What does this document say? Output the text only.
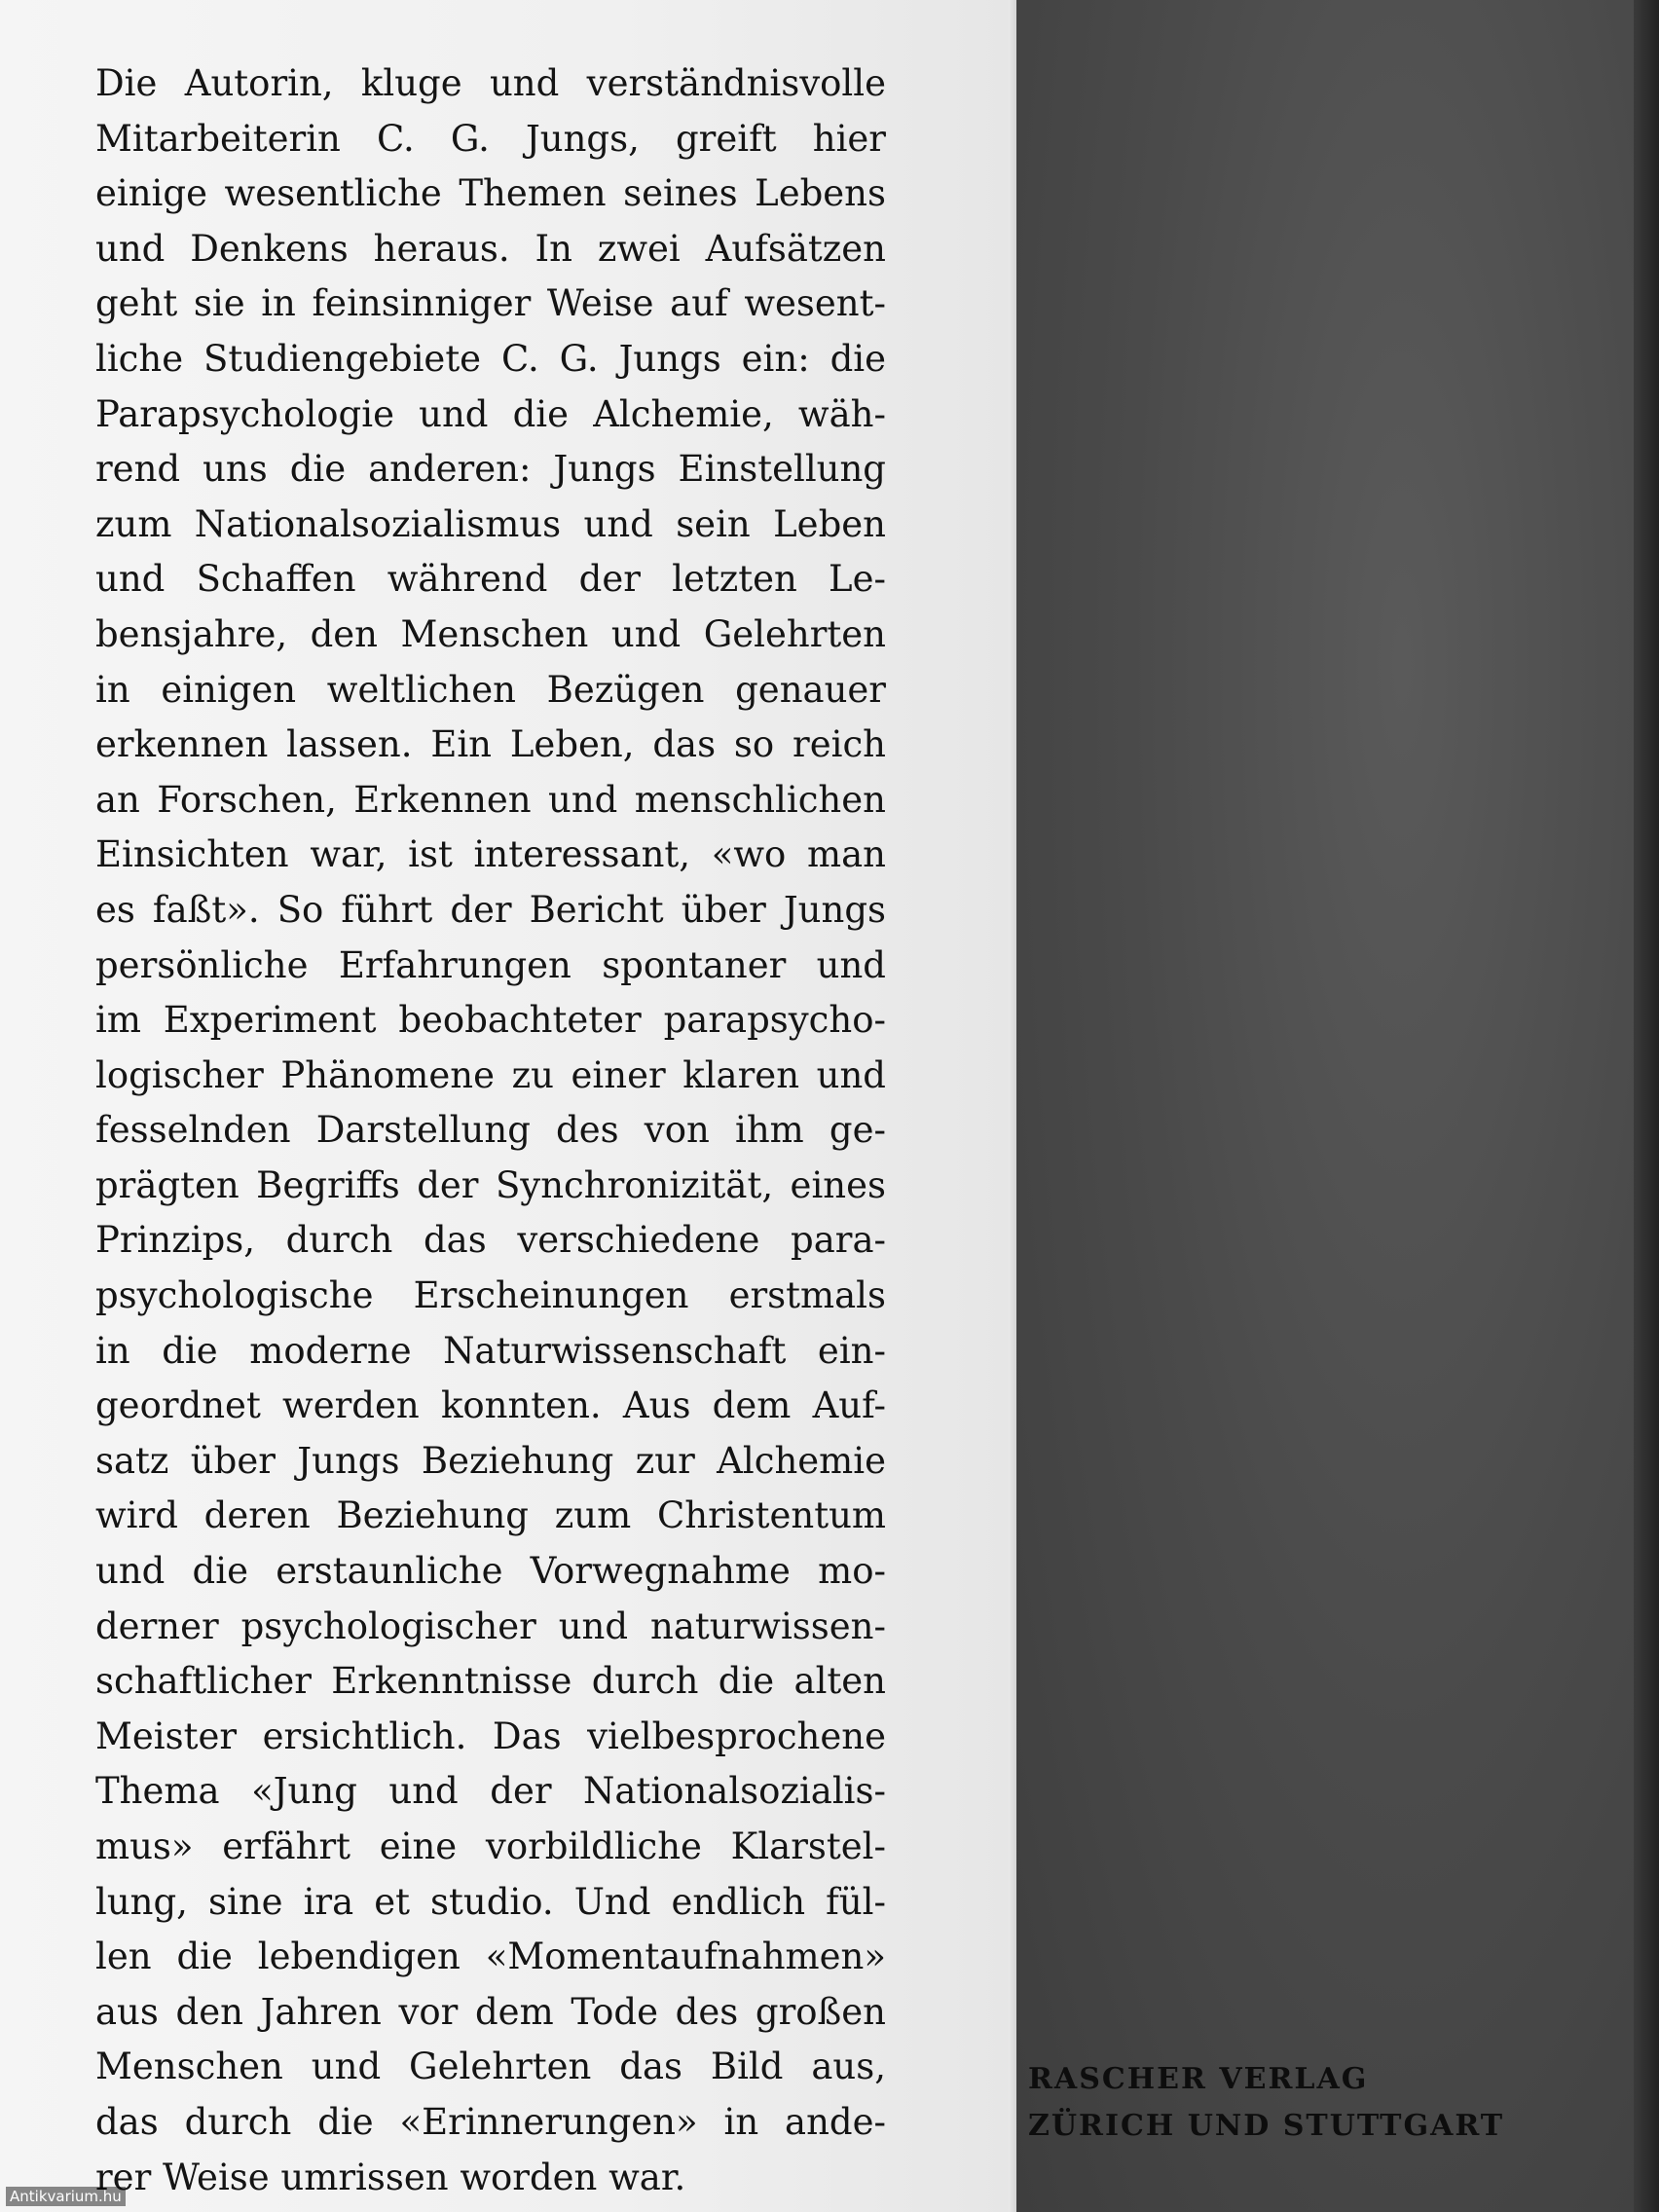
Die Autorin, kluge und verständnisvolle
Mitarbeiterin C. G. Jungs, greift hier
einige wesentliche Themen seines Lebens
und Denkens heraus. In zwei Aufsätzen
geht sie in feinsinniger Weise auf wesent-
liche Studiengebiete C. G. Jungs ein: die
Parapsychologie und die Alchemie, wäh-
rend uns die anderen: Jungs Einstellung
zum Nationalsozialismus und sein Leben
und Schaffen während der letzten Le-
bensjahre, den Menschen und Gelehrten
in einigen weltlichen Bezügen genauer
erkennen lassen. Ein Leben, das so reich
an Forschen, Erkennen und menschlichen
Einsichten war, ist interessant, «wo man
es faßt». So führt der Bericht über Jungs
persönliche Erfahrungen spontaner und
im Experiment beobachteter parapsycho-
logischer Phänomene zu einer klaren und
fesselnden Darstellung des von ihm ge-
prägten Begriffs der Synchronizität, eines
Prinzips, durch das verschiedene para-
psychologische Erscheinungen erstmals
in die moderne Naturwissenschaft ein-
geordnet werden konnten. Aus dem Auf-
satz über Jungs Beziehung zur Alchemie
wird deren Beziehung zum Christentum
und die erstaunliche Vorwegnahme mo-
derner psychologischer und naturwissen-
schaftlicher Erkenntnisse durch die alten
Meister ersichtlich. Das vielbesprochene
Thema «Jung und der Nationalsozialis-
mus» erfährt eine vorbildliche Klarstel-
lung, sine ira et studio. Und endlich fül-
len die lebendigen «Momentaufnahmen»
aus den Jahren vor dem Tode des großen
Menschen und Gelehrten das Bild aus,
das durch die «Erinnerungen» in ande-
rer Weise umrissen worden war.
RASCHER VERLAG
ZÜRICH UND STUTTGART
Antikvarium.hu
